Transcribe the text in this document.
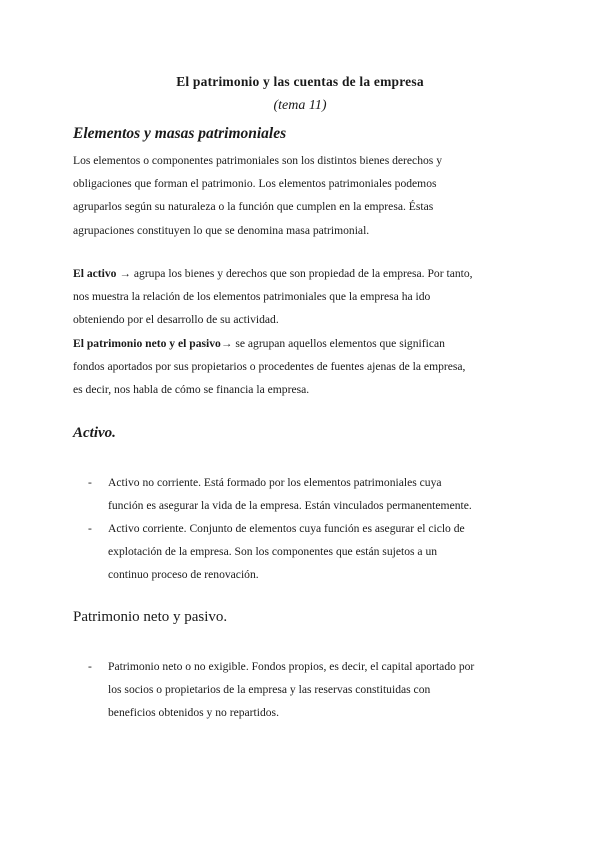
El patrimonio y las cuentas de la empresa
(tema 11)
Elementos y masas patrimoniales
Los elementos o componentes patrimoniales son los distintos bienes derechos y
obligaciones que forman el patrimonio. Los elementos patrimoniales podemos
agruparlos según su naturaleza o la función que cumplen en la empresa. Éstas
agrupaciones constituyen lo que se denomina masa patrimonial.
El activo → agrupa los bienes y derechos que son propiedad de la empresa. Por tanto,
nos muestra la relación de los elementos patrimoniales que la empresa ha ido
obteniendo por el desarrollo de su actividad.
El patrimonio neto y el pasivo→ se agrupan aquellos elementos que significan
fondos aportados por sus propietarios o procedentes de fuentes ajenas de la empresa,
es decir, nos habla de cómo se financia la empresa.
Activo.
- Activo no corriente. Está formado por los elementos patrimoniales cuya
función es asegurar la vida de la empresa. Están vinculados permanentemente.
- Activo corriente. Conjunto de elementos cuya función es asegurar el ciclo de
explotación de la empresa. Son los componentes que están sujetos a un
continuo proceso de renovación.
Patrimonio neto y pasivo.
- Patrimonio neto o no exigible. Fondos propios, es decir, el capital aportado por
los socios o propietarios de la empresa y las reservas constituidas con
beneficios obtenidos y no repartidos.
